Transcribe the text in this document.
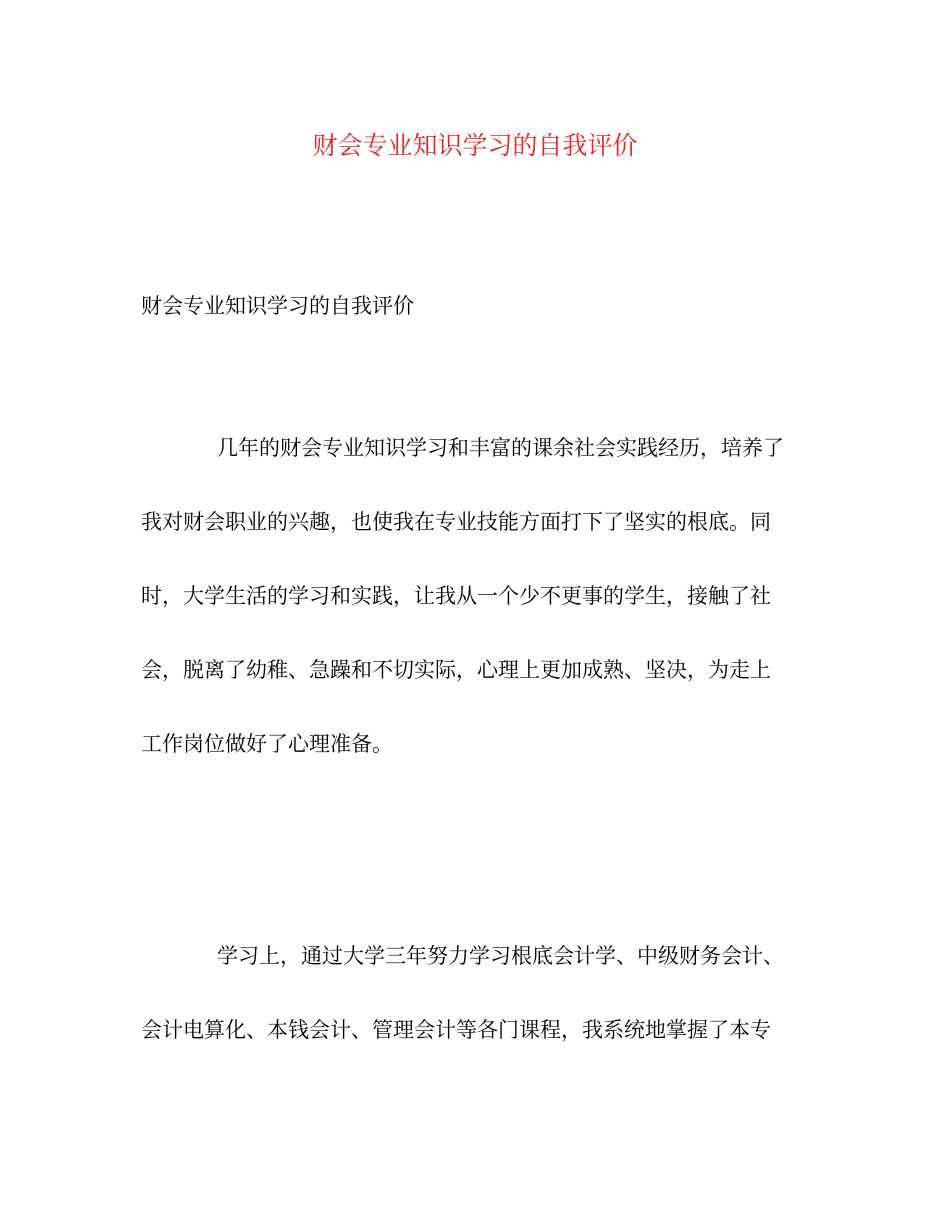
财会专业知识学习的自我评价

财会专业知识学习的自我评价

几年的财会专业知识学习和丰富的课余社会实践经历，培养了
我对财会职业的兴趣，也使我在专业技能方面打下了坚实的根底。同
时，大学生活的学习和实践，让我从一个少不更事的学生，接触了社
会，脱离了幼稚、急躁和不切实际，心理上更加成熟、坚决，为走上
工作岗位做好了心理准备。
学习上，通过大学三年努力学习根底会计学、中级财务会计、
会计电算化、本钱会计、管理会计等各门课程，我系统地掌握了本专
